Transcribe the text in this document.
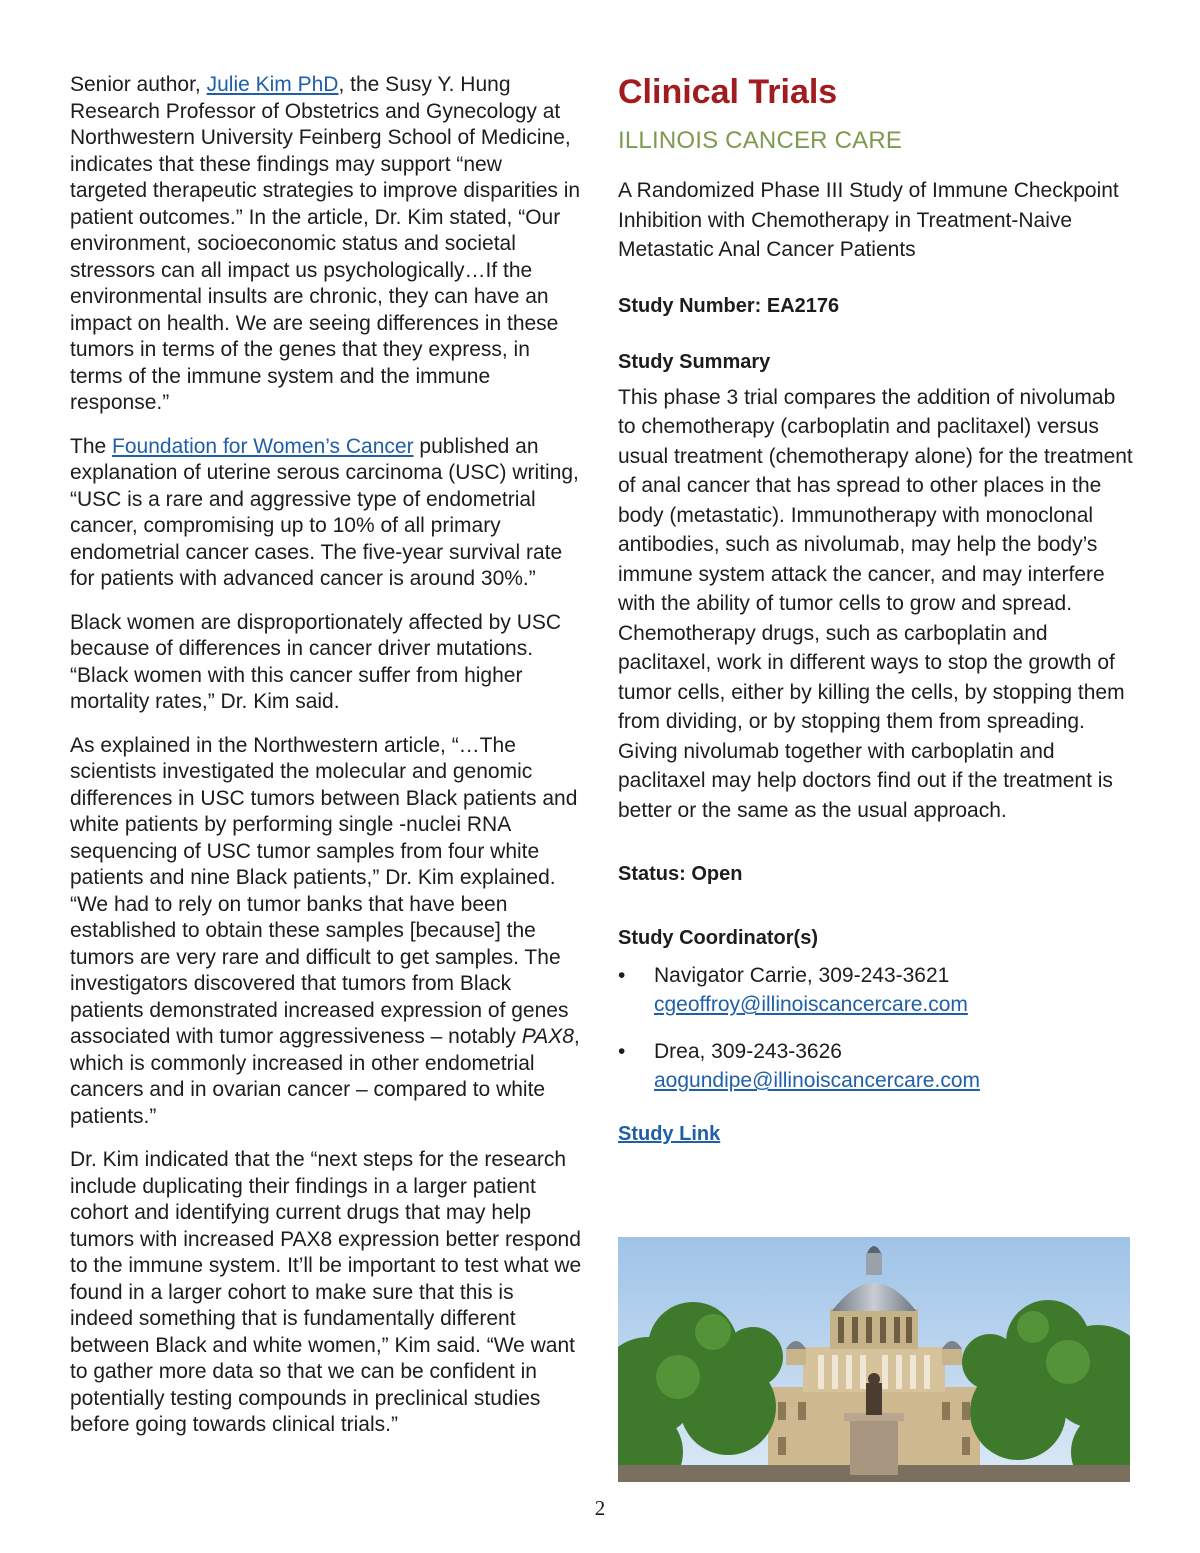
Senior author, Julie Kim PhD, the Susy Y. Hung Research Professor of Obstetrics and Gynecology at Northwestern University Feinberg School of Medicine, indicates that these findings may support “new targeted therapeutic strategies to improve disparities in patient outcomes.” In the article, Dr. Kim stated, “Our environment, socioeconomic status and societal stressors can all impact us psychologically…If the environmental insults are chronic, they can have an impact on health. We are seeing differences in these tumors in terms of the genes that they express, in terms of the immune system and the immune response.”

The Foundation for Women’s Cancer published an explanation of uterine serous carcinoma (USC) writing, “USC is a rare and aggressive type of endometrial cancer, compromising up to 10% of all primary endometrial cancer cases. The five-year survival rate for patients with advanced cancer is around 30%.”

Black women are disproportionately affected by USC because of differences in cancer driver mutations. “Black women with this cancer suffer from higher mortality rates,” Dr. Kim said.

As explained in the Northwestern article, “…The scientists investigated the molecular and genomic differences in USC tumors between Black patients and white patients by performing single -nuclei RNA sequencing of USC tumor samples from four white patients and nine Black patients,” Dr. Kim explained. “We had to rely on tumor banks that have been established to obtain these samples [because] the tumors are very rare and difficult to get samples. The investigators discovered that tumors from Black patients demonstrated increased expression of genes associated with tumor aggressiveness – notably PAX8, which is commonly increased in other endometrial cancers and in ovarian cancer – compared to white patients.”

Dr. Kim indicated that the “next steps for the research include duplicating their findings in a larger patient cohort and identifying current drugs that may help tumors with increased PAX8 expression better respond to the immune system. It’ll be important to test what we found in a larger cohort to make sure that this is indeed something that is fundamentally different between Black and white women,” Kim said. “We want to gather more data so that we can be confident in potentially testing compounds in preclinical studies before going towards clinical trials.”

Clinical Trials
ILLINOIS CANCER CARE

A Randomized Phase III Study of Immune Checkpoint Inhibition with Chemotherapy in Treatment-Naive Metastatic Anal Cancer Patients

Study Number: EA2176

Study Summary

This phase 3 trial compares the addition of nivolumab to chemotherapy (carboplatin and paclitaxel) versus usual treatment (chemotherapy alone) for the treatment of anal cancer that has spread to other places in the body (metastatic). Immunotherapy with monoclonal antibodies, such as nivolumab, may help the body’s immune system attack the cancer, and may interfere with the ability of tumor cells to grow and spread. Chemotherapy drugs, such as carboplatin and paclitaxel, work in different ways to stop the growth of tumor cells, either by killing the cells, by stopping them from dividing, or by stopping them from spreading. Giving nivolumab together with carboplatin and paclitaxel may help doctors find out if the treatment is better or the same as the usual approach.

Status: Open

Study Coordinator(s)

• Navigator Carrie, 309-243-3621
cgeoffroy@illinoiscancercare.com
• Drea, 309-243-3626
aogundipe@illinoiscancercare.com
Study Link
2
